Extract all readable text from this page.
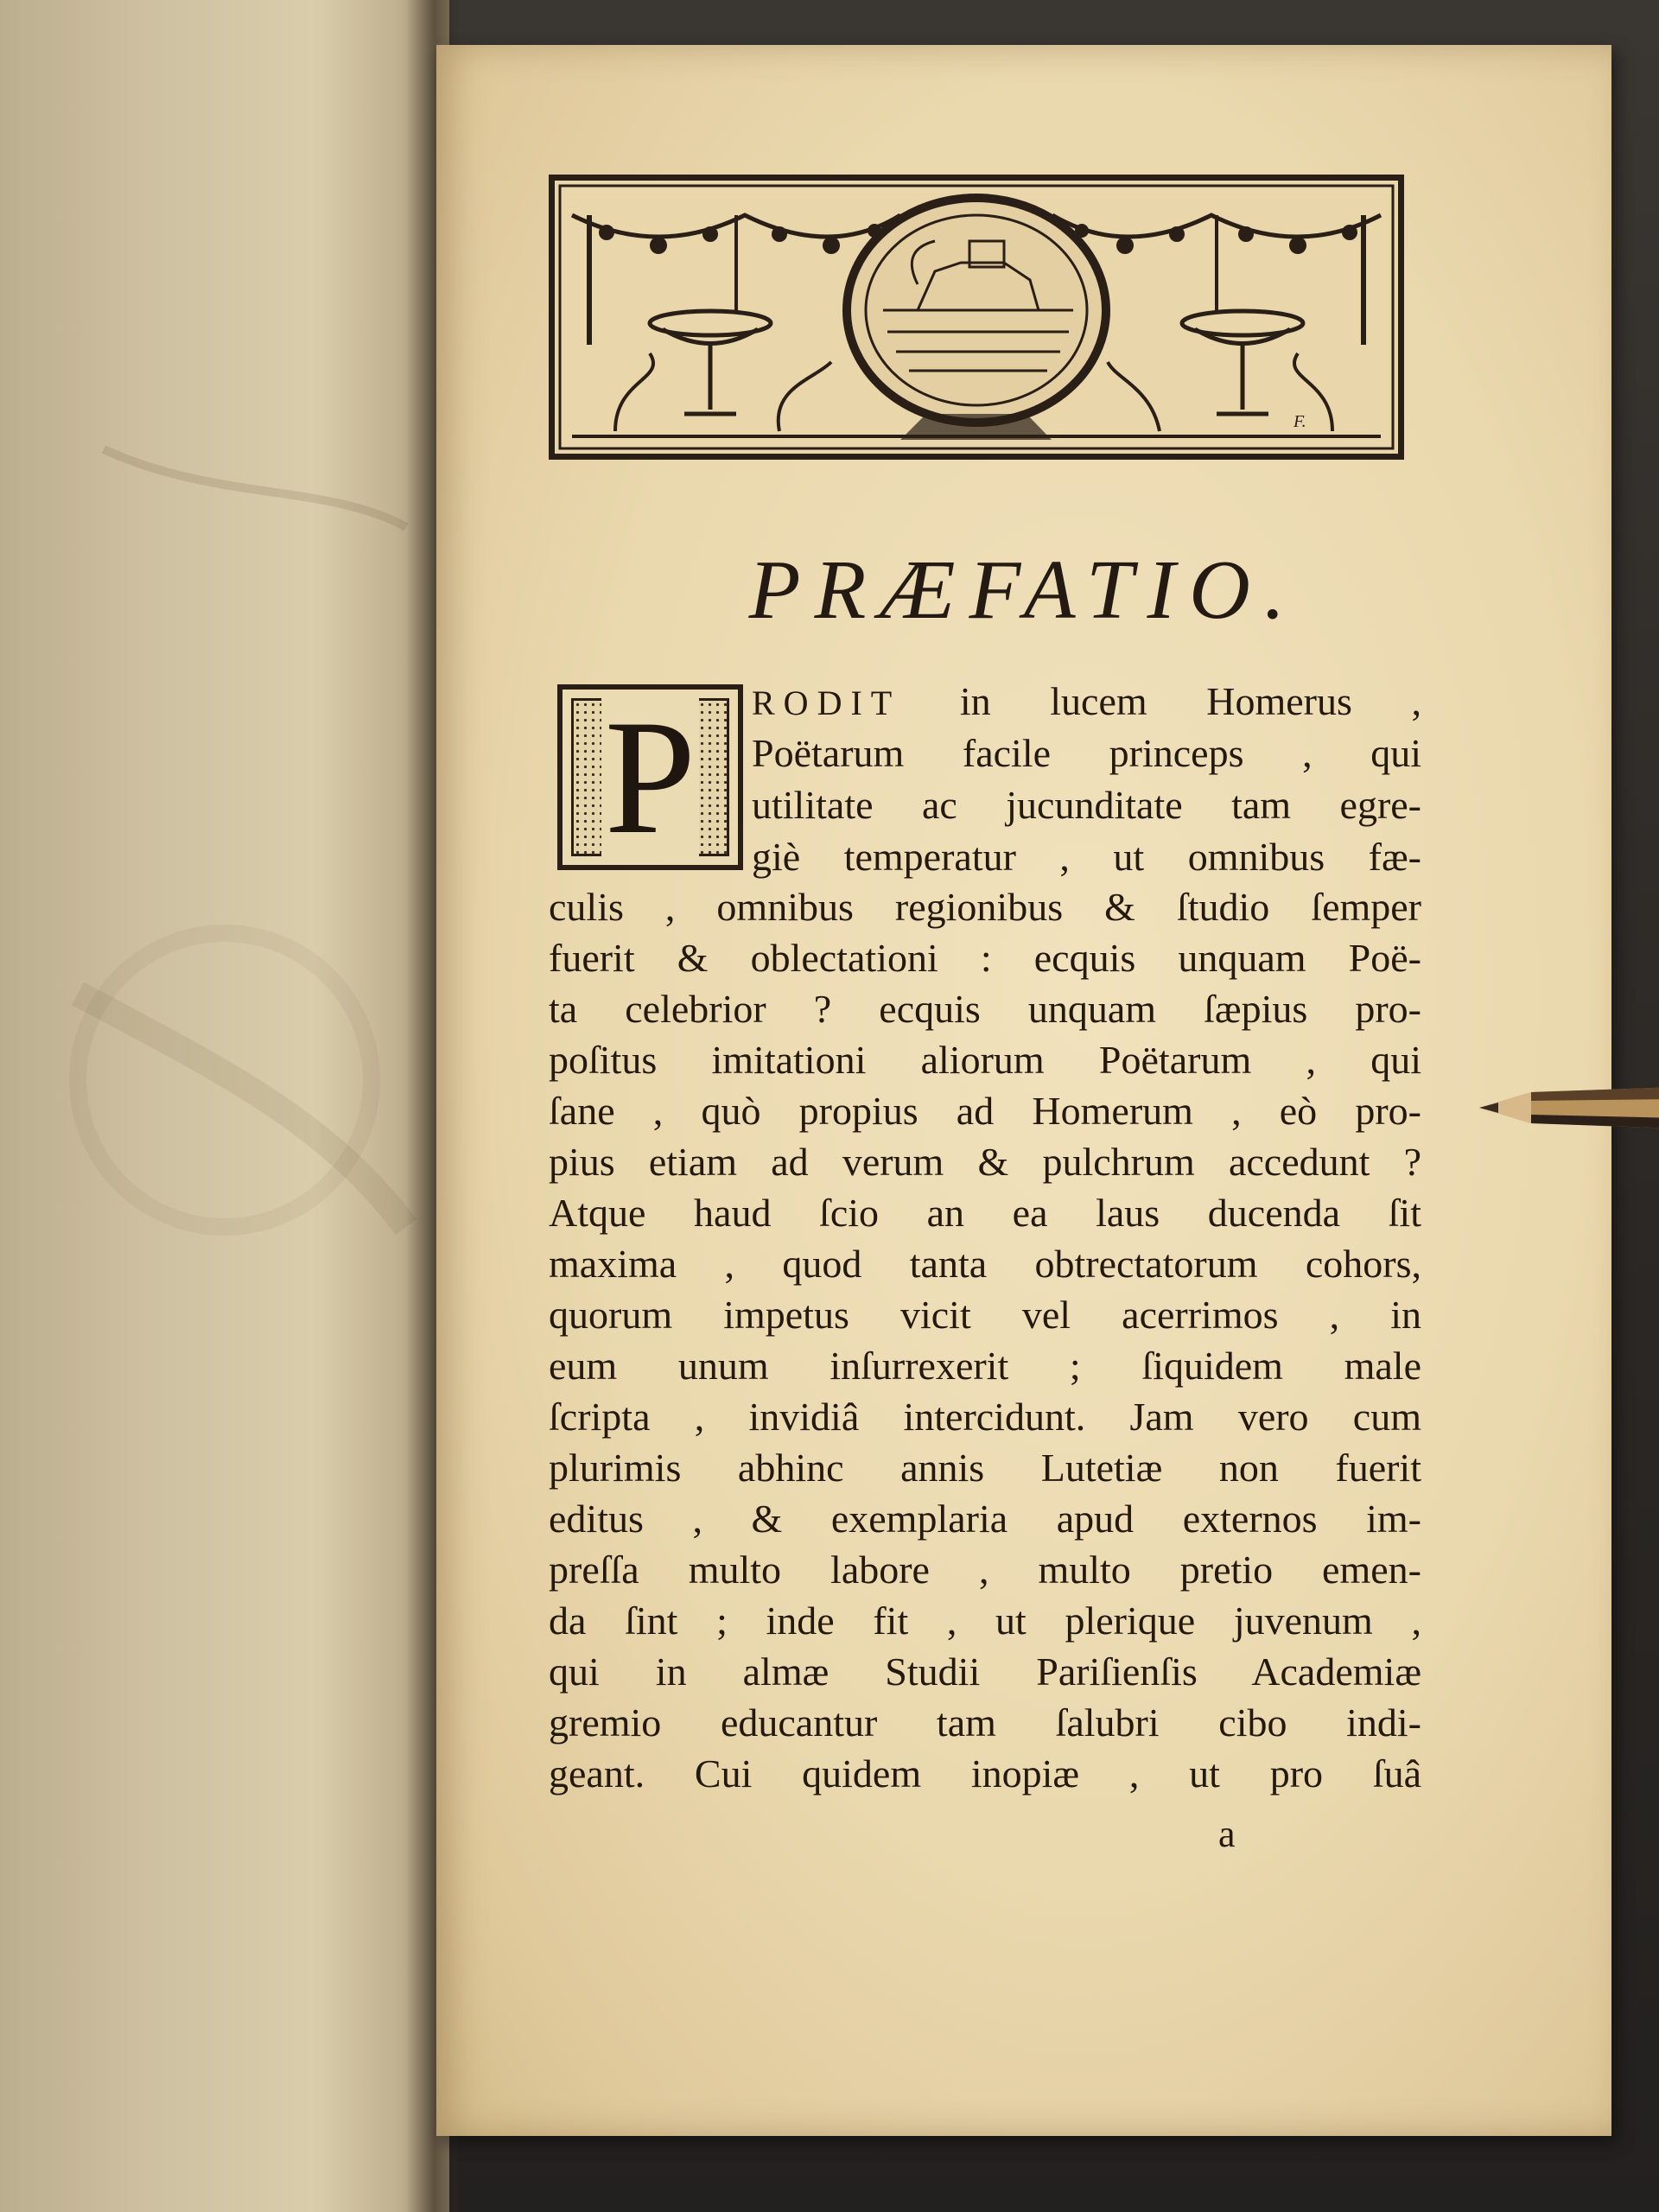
F.
PRÆFATIO.
P RODIT in lucem Homerus ,
Poëtarum facile princeps , qui
utilitate ac jucunditate tam egre-
giè temperatur , ut omnibus fæ-
culis , omnibus regionibus & ſtudio ſemper
fuerit & oblectationi : ecquis unquam Poë-
ta celebrior ? ecquis unquam ſæpius pro-
poſitus imitationi aliorum Poëtarum , qui
ſane , quò propius ad Homerum , eò pro-
pius etiam ad verum & pulchrum accedunt ?
Atque haud ſcio an ea laus ducenda ſit
maxima , quod tanta obtrectatorum cohors,
quorum impetus vicit vel acerrimos , in
eum unum inſurrexerit ; ſiquidem male
ſcripta , invidiâ intercidunt. Jam vero cum
plurimis abhinc annis Lutetiæ non fuerit
editus , & exemplaria apud externos im-
preſſa multo labore , multo pretio emen-
da ſint ; inde fit , ut plerique juvenum ,
qui in almæ Studii Pariſienſis Academiæ
gremio educantur tam ſalubri cibo indi-
geant. Cui quidem inopiæ , ut pro ſuâ
a
